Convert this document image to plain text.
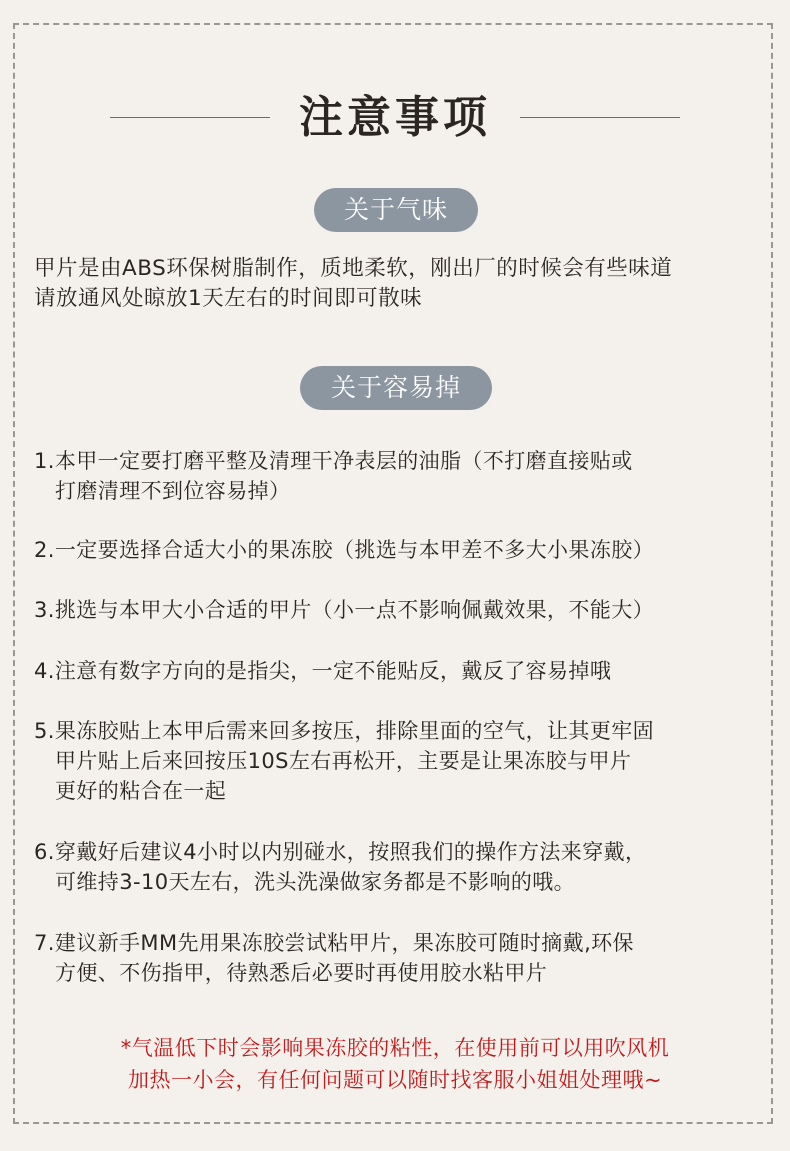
注意事项
关于气味

甲片是由ABS环保树脂制作，质地柔软，刚出厂的时候会有些味道

请放通风处晾放1天左右的时间即可散味

关于容易掉

1.本甲一定要打磨平整及清理干净表层的油脂（不打磨直接贴或

打磨清理不到位容易掉）

2.一定要选择合适大小的果冻胶（挑选与本甲差不多大小果冻胶）

3.挑选与本甲大小合适的甲片（小一点不影响佩戴效果，不能大）

4.注意有数字方向的是指尖，一定不能贴反，戴反了容易掉哦

5.果冻胶贴上本甲后需来回多按压，排除里面的空气，让其更牢固

甲片贴上后来回按压10S左右再松开，主要是让果冻胶与甲片

更好的粘合在一起

6.穿戴好后建议4小时以内别碰水，按照我们的操作方法来穿戴，

可维持3-10天左右，洗头洗澡做家务都是不影响的哦。

7.建议新手MM先用果冻胶尝试粘甲片，果冻胶可随时摘戴,环保

方便、不伤指甲，待熟悉后必要时再使用胶水粘甲片

*气温低下时会影响果冻胶的粘性，在使用前可以用吹风机

加热一小会，有任何问题可以随时找客服小姐姐处理哦~
